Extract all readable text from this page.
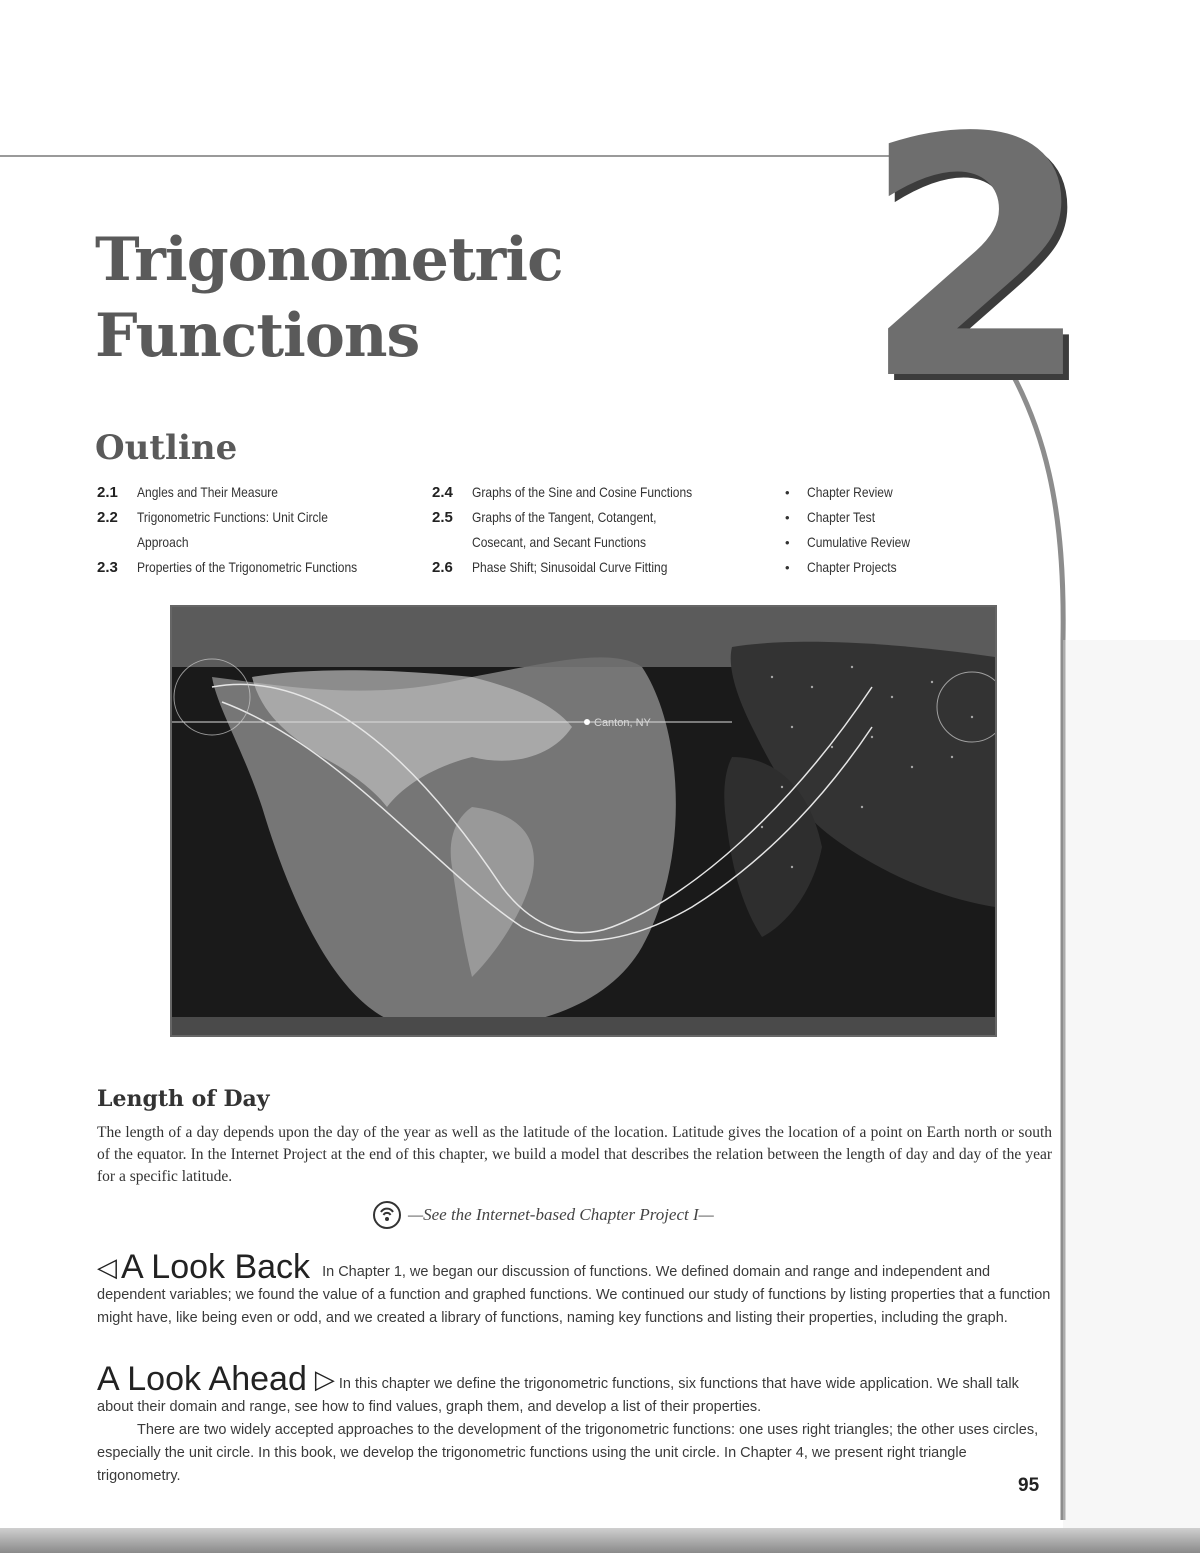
2
Trigonometric
Functions
Outline
2.1	Angles and Their Measure
2.2	Trigonometric Functions: Unit Circle Approach
2.3	Properties of the Trigonometric Functions
2.4	Graphs of the Sine and Cosine Functions
2.5	Graphs of the Tangent, Cotangent, Cosecant, and Secant Functions
2.6	Phase Shift; Sinusoidal Curve Fitting
•	Chapter Review
•	Chapter Test
•	Cumulative Review
•	Chapter Projects
Canton, NY
Length of Day

The length of a day depends upon the day of the year as well as the latitude of the location. Latitude gives the location of a point on Earth north or south of the equator. In the Internet Project at the end of this chapter, we build a model that describes the relation between the length of day and day of the year for a specific latitude.

—See the Internet-based Chapter Project I—

◁ A Look Back In Chapter 1, we began our discussion of functions. We defined domain and range and independent and dependent variables; we found the value of a function and graphed functions. We continued our study of functions by listing properties that a function might have, like being even or odd, and we created a library of functions, naming key functions and listing their properties, including the graph.

A Look Ahead ▷ In this chapter we define the trigonometric functions, six functions that have wide application. We shall talk about their domain and range, see how to find values, graph them, and develop a list of their properties.

There are two widely accepted approaches to the development of the trigonometric functions: one uses right triangles; the other uses circles, especially the unit circle. In this book, we develop the trigonometric functions using the unit circle. In Chapter 4, we present right triangle trigonometry.	95
